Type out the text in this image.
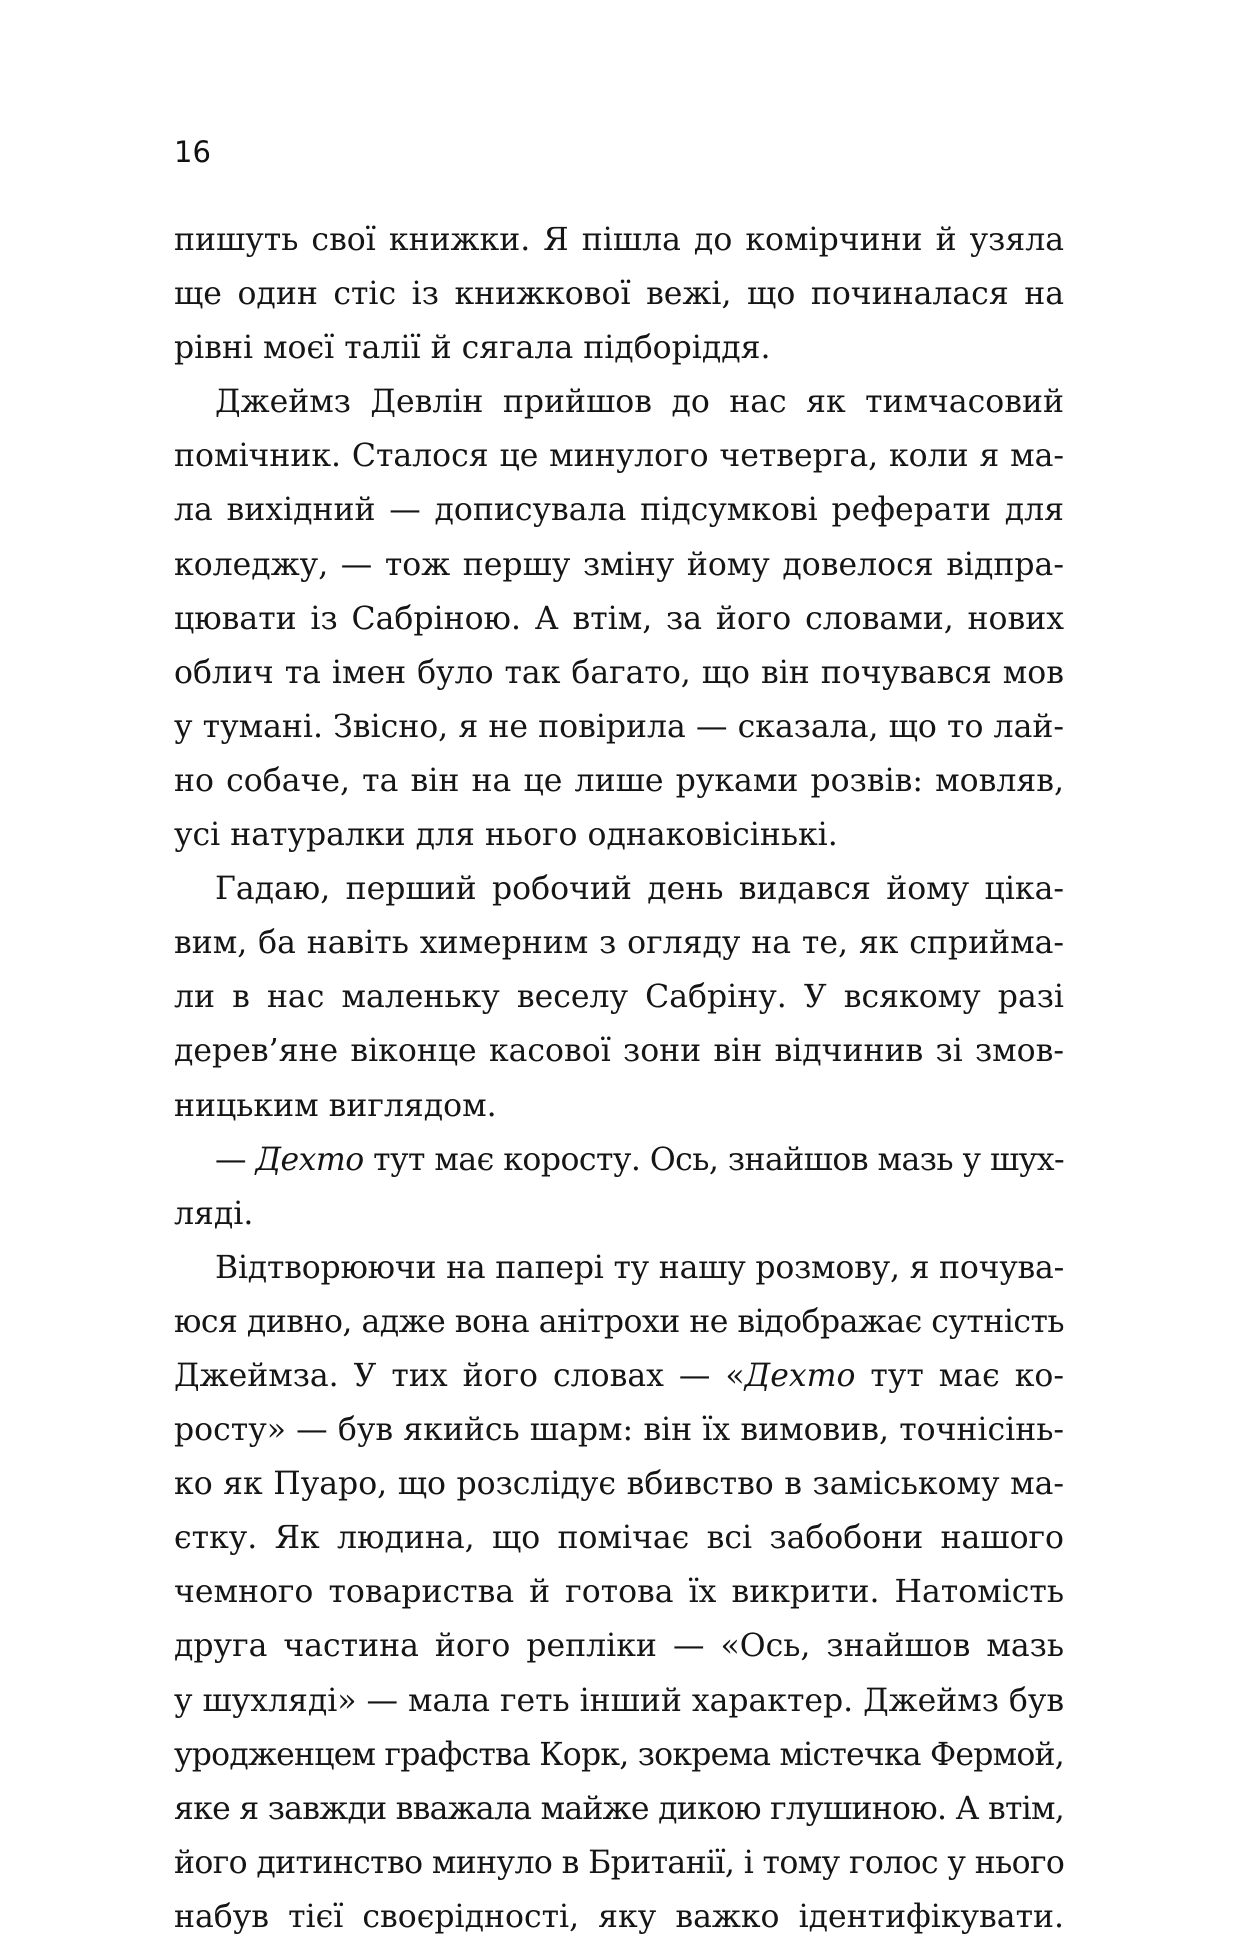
16
пишуть свої книжки. Я пішла до комірчини й узяла
ще один стіс із книжкової вежі, що починалася на
рівні моєї талії й сягала підборіддя.
Джеймз Девлін прийшов до нас як тимчасовий
помічник. Сталося це минулого четверга, коли я ма-
ла вихідний — дописувала підсумкові реферати для
коледжу, — тож першу зміну йому довелося відпра-
цювати із Сабріною. А втім, за його словами, нових
облич та імен було так багато, що він почувався мов
у тумані. Звісно, я не повірила — сказала, що то лай-
но собаче, та він на це лише руками розвів: мовляв,
усі натуралки для нього однаковісінькі.
Гадаю, перший робочий день видався йому ціка-
вим, ба навіть химерним з огляду на те, як сприйма-
ли в нас маленьку веселу Сабріну. У всякому разі
дерев’яне віконце касової зони він відчинив зі змов-
ницьким виглядом.
— Дехто тут має коросту. Ось, знайшов мазь у шух-
ляді.
Відтворюючи на папері ту нашу розмову, я почува-
юся дивно, адже вона анітрохи не відображає сутність
Джеймза. У тих його словах — «Дехто тут має ко-
росту» — був якийсь шарм: він їх вимовив, точнісінь-
ко як Пуаро, що розслідує вбивство в заміському ма-
єтку. Як людина, що помічає всі забобони нашого
чемного товариства й готова їх викрити. Натомість
друга частина його репліки — «Ось, знайшов мазь
у шухляді» — мала геть інший характер. Джеймз був
уродженцем графства Корк, зокрема містечка Фермой,
яке я завжди вважала майже дикою глушиною. А втім,
його дитинство минуло в Британії, і тому голос у нього
набув тієї своєрідності, яку важко ідентифікувати.
